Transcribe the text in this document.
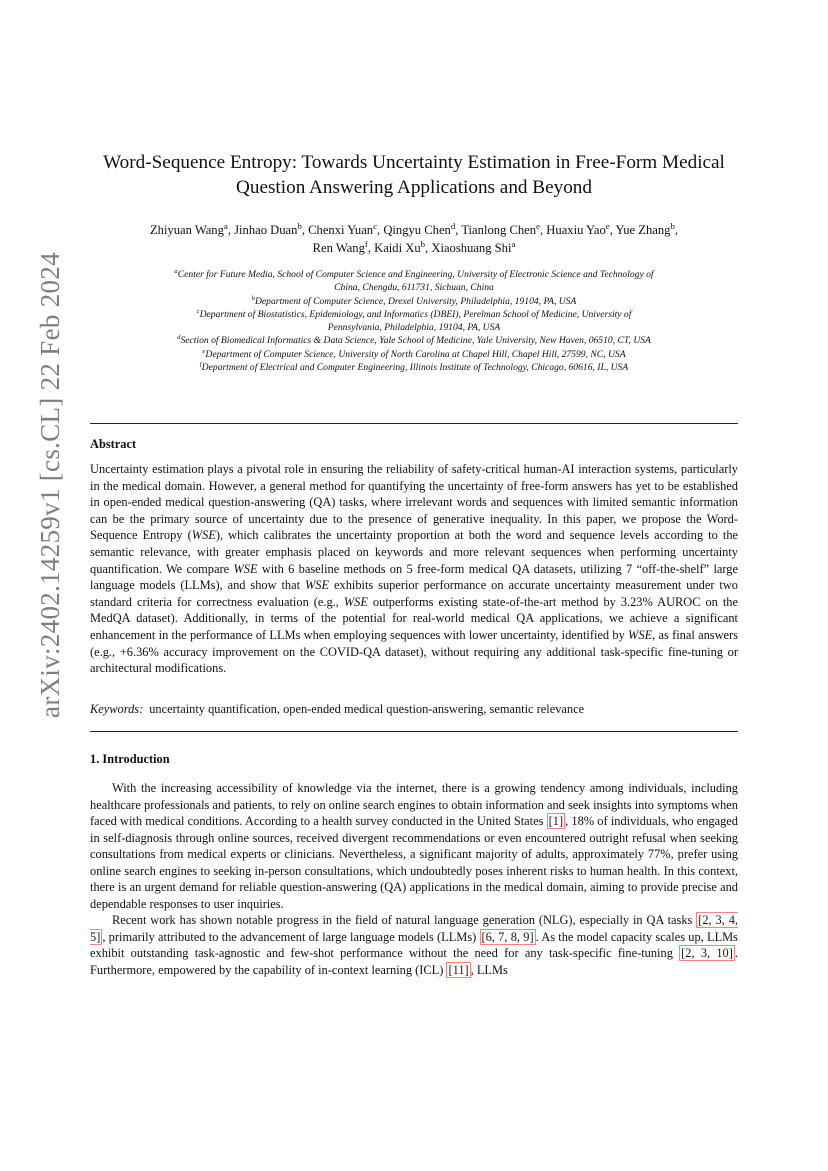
arXiv:2402.14259v1 [cs.CL] 22 Feb 2024
Word-Sequence Entropy: Towards Uncertainty Estimation in Free-Form Medical
Question Answering Applications and Beyond
Zhiyuan Wang$^a$, Jinhao Duan$^b$, Chenxi Yuan$^c$, Qingyu Chen$^d$, Tianlong Chen$^e$, Huaxiu Yao$^e$, Yue Zhang$^b$,
Ren Wang$^f$, Kaidi Xu$^b$, Xiaoshuang Shi$^a$
$^a$Center for Future Media, School of Computer Science and Engineering, University of Electronic Science and Technology of
China, Chengdu, 611731, Sichuan, China
$^b$Department of Computer Science, Drexel University, Philadelphia, 19104, PA, USA
$^c$Department of Biostatistics, Epidemiology, and Informatics (DBEI), Perelman School of Medicine, University of
Pennsylvania, Philadelphia, 19104, PA, USA
$^d$Section of Biomedical Informatics & Data Science, Yale School of Medicine, Yale University, New Haven, 06510, CT, USA
$^e$Department of Computer Science, University of North Carolina at Chapel Hill, Chapel Hill, 27599, NC, USA
$^f$Department of Electrical and Computer Engineering, Illinois Institute of Technology, Chicago, 60616, IL, USA
Abstract
Uncertainty estimation plays a pivotal role in ensuring the reliability of safety-critical human-AI interaction systems, particularly in the medical domain. However, a general method for quantifying the uncertainty of free-form answers has yet to be established in open-ended medical question-answering (QA) tasks, where irrelevant words and sequences with limited semantic information can be the primary source of uncertainty due to the presence of generative inequality. In this paper, we propose the Word-Sequence Entropy (WSE), which calibrates the uncertainty proportion at both the word and sequence levels according to the semantic relevance, with greater emphasis placed on keywords and more relevant sequences when performing uncertainty quantification. We compare WSE with 6 baseline methods on 5 free-form medical QA datasets, utilizing 7 “off-the-shelf” large language models (LLMs), and show that WSE exhibits superior performance on accurate uncertainty measurement under two standard criteria for correctness evaluation (e.g., WSE outperforms existing state-of-the-art method by 3.23% AUROC on the MedQA dataset). Additionally, in terms of the potential for real-world medical QA applications, we achieve a significant enhancement in the performance of LLMs when employing sequences with lower uncertainty, identified by WSE, as final answers (e.g., +6.36% accuracy improvement on the COVID-QA dataset), without requiring any additional task-specific fine-tuning or architectural modifications.
Keywords: uncertainty quantification, open-ended medical question-answering, semantic relevance
1. Introduction

With the increasing accessibility of knowledge via the internet, there is a growing tendency among individuals, including healthcare professionals and patients, to rely on online search engines to obtain information and seek insights into symptoms when faced with medical conditions. According to a health survey conducted in the United States [1] , 18% of individuals, who engaged in self-diagnosis through online sources, received divergent recommendations or even encountered outright refusal when seeking consultations from medical experts or clinicians. Nevertheless, a significant majority of adults, approximately 77%, prefer using online search engines to seeking in-person consultations, which undoubtedly poses inherent risks to human health. In this context, there is an urgent demand for reliable question-answering (QA) applications in the medical domain, aiming to provide precise and dependable responses to user inquiries.

Recent work has shown notable progress in the field of natural language generation (NLG), especially in QA tasks [2, 3, 4, 5] , primarily attributed to the advancement of large language models (LLMs) [6, 7, 8, 9] . As the model capacity scales up, LLMs exhibit outstanding task-agnostic and few-shot performance without the need for any task-specific fine-tuning [2, 3, 10] . Furthermore, empowered by the capability of in-context learning (ICL) [11] , LLMs
